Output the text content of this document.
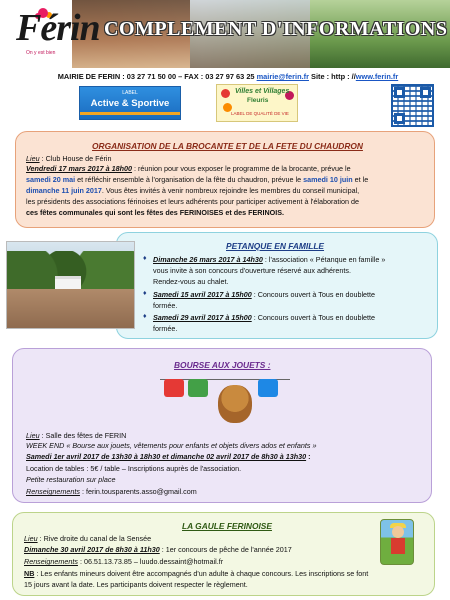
Férin
On y est bien
COMPLEMENT D'INFORMATIONS
MAIRIE DE FERIN : 03 27 71 50 00 – FAX : 03 27 97 63 25 mairie@ferin.fr Site : http : //www.ferin.fr
LABEL
Active & Sportive
Villes et Villages
Fleuris
LABEL DE QUALITÉ DE VIE
ORGANISATION DE LA BROCANTE ET DE LA FETE DU CHAUDRON
Lieu : Club House de Férin
Vendredi 17 mars 2017 à 18h00 : réunion pour vous exposer le programme de la brocante, prévue le
samedi 20 mai et réfléchir ensemble à l'organisation de la fête du chaudron, prévue le samedi 10 juin et le
dimanche 11 juin 2017. Vous êtes invités à venir nombreux rejoindre les membres du conseil municipal,
les présidents des associations férinoises et leurs adhérents pour participer activement à l'élaboration de
ces fêtes communales qui sont les fêtes des FERINOISES et des FERINOIS.
PETANQUE EN FAMILLE
♦ Dimanche 26 mars 2017 à 14h30 : l'association « Pétanque en famille »
vous invite à son concours d'ouverture réservé aux adhérents.
Rendez-vous au chalet.
♦ Samedi 15 avril 2017 à 15h00 : Concours ouvert à Tous en doublette
formée.
♦ Samedi 29 avril 2017 à 15h00 : Concours ouvert à Tous en doublette
formée.
BOURSE AUX JOUETS :
Lieu : Salle des fêtes de FERIN
WEEK END « Bourse aux jouets, vêtements pour enfants et objets divers ados et enfants »
Samedi 1er avril 2017 de 13h30 à 18h30 et dimanche 02 avril 2017 de 8h30 à 13h30 :
Location de tables : 5€ / table – Inscriptions auprès de l'association.
Petite restauration sur place
Renseignements : ferin.tousparents.asso@gmail.com
LA GAULE FERINOISE
Lieu : Rive droite du canal de la Sensée
Dimanche 30 avril 2017 de 8h30 à 11h30 : 1er concours de pêche de l'année 2017
Renseignements : 06.51.13.73.85 – luudo.dessaint@hotmail.fr
NB : Les enfants mineurs doivent être accompagnés d'un adulte à chaque concours. Les inscriptions se font
15 jours avant la date. Les participants doivent respecter le règlement.
